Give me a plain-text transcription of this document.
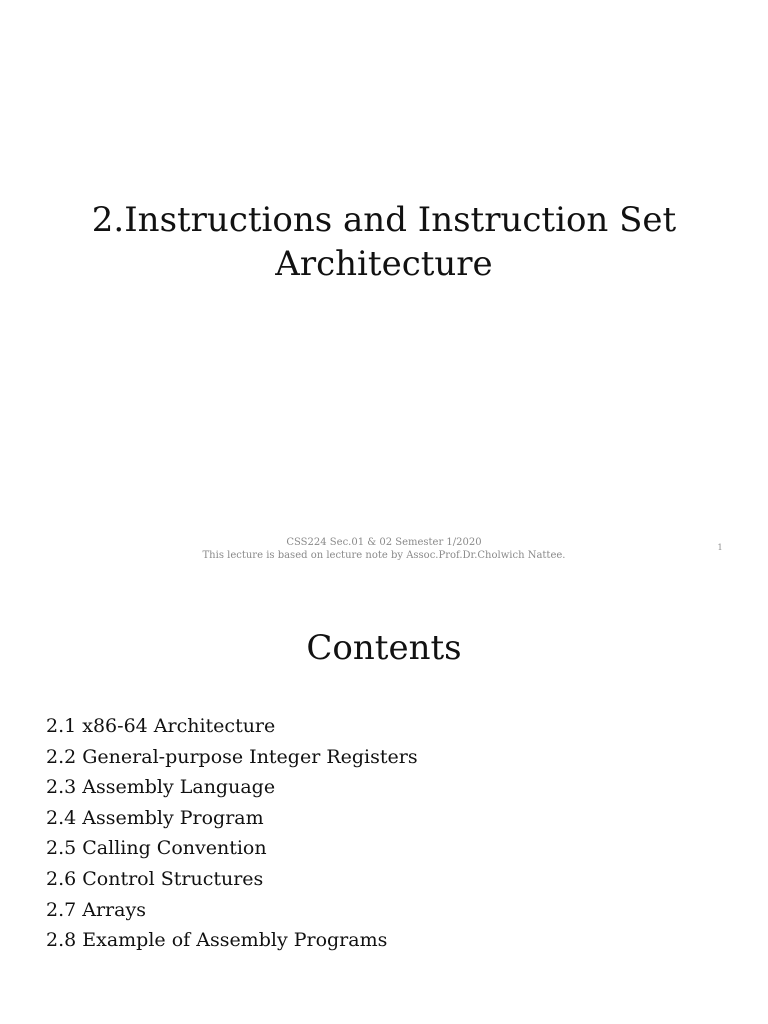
2.Instructions and Instruction Set
Architecture
CSS224 Sec.01 & 02 Semester 1/2020
This lecture is based on lecture note by Assoc.Prof.Dr.Cholwich Nattee.
1
Contents
2.1 x86-64 Architecture
2.2 General-purpose Integer Registers
2.3 Assembly Language
2.4 Assembly Program
2.5 Calling Convention
2.6 Control Structures
2.7 Arrays
2.8 Example of Assembly Programs
